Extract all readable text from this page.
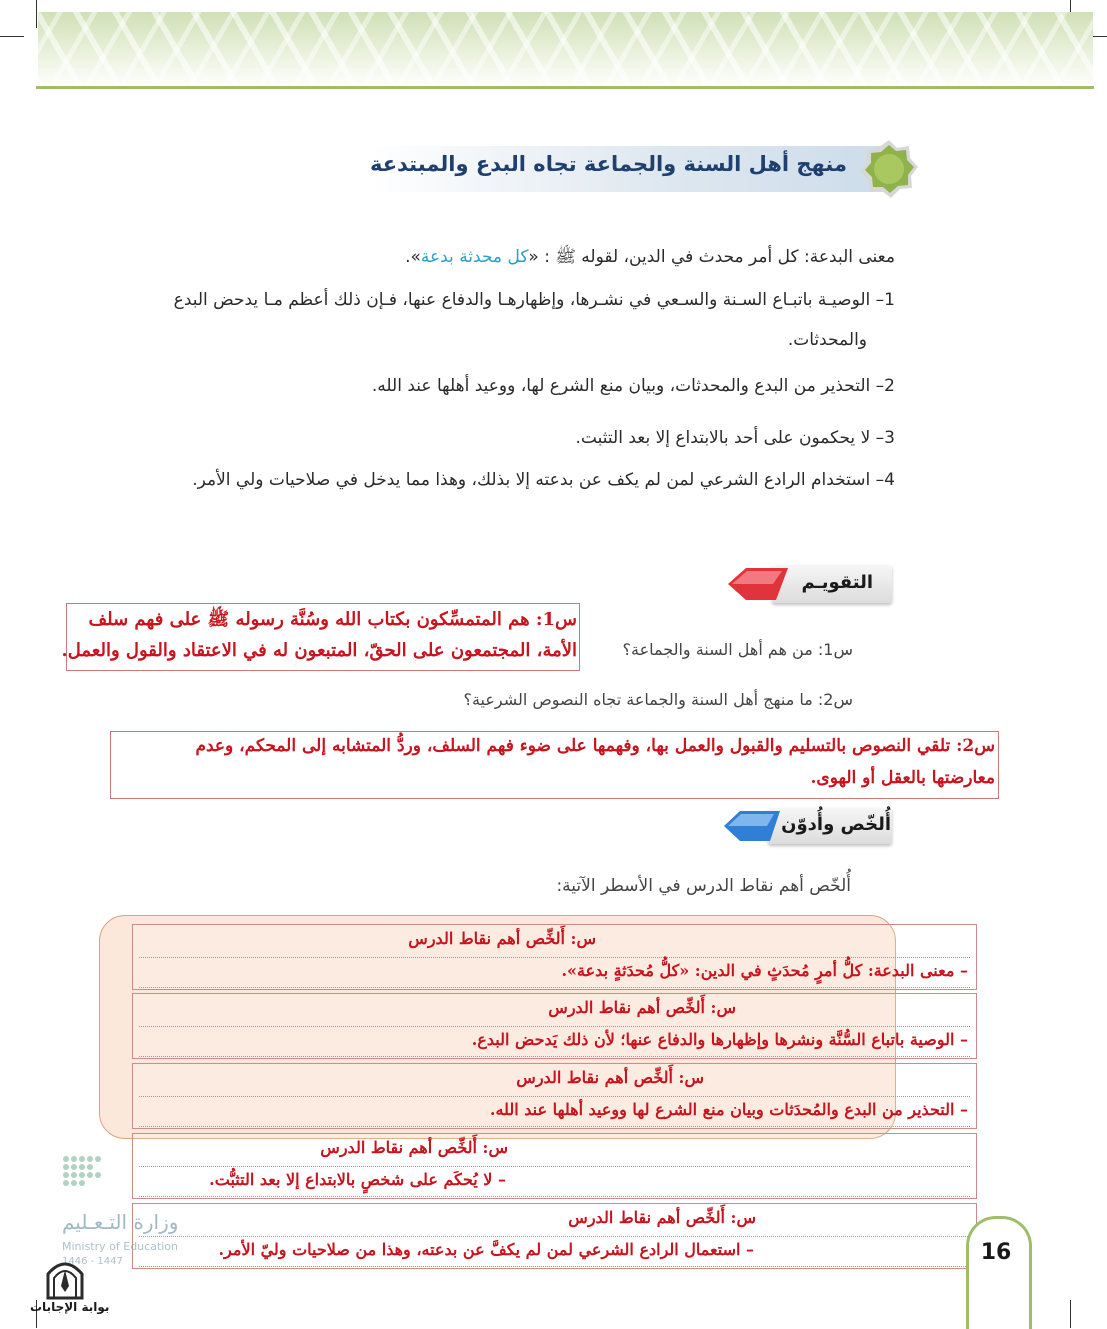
منهج أهل السنة والجماعة تجاه البدع والمبتدعة
معنى البدعة: كل أمر محدث في الدين، لقوله ﷺ : «كل محدثة بدعة».
1– الوصيـة باتبـاع السـنة والسـعي في نشـرها، وإظهارهـا والدفاع عنها، فـإن ذلك أعظم مـا يدحض البدع
والمحدثات.
2– التحذير من البدع والمحدثات، وبيان منع الشرع لها، ووعيد أهلها عند الله.
3– لا يحكمون على أحد بالابتداع إلا بعد التثبت.
4– استخدام الرادع الشرعي لمن لم يكف عن بدعته إلا بذلك، وهذا مما يدخل في صلاحيات ولي الأمر.
التقويـم
س1: هم المتمسِّكون بكتاب الله وسُنَّة رسوله ﷺ على فهم سلف
الأمة، المجتمعون على الحقّ، المتبعون له في الاعتقاد والقول والعمل.	س1: من هم أهل السنة والجماعة؟
س2: ما منهج أهل السنة والجماعة تجاه النصوص الشرعية؟
س2: تلقي النصوص بالتسليم والقبول والعمل بها، وفهمها على ضوء فهم السلف، وردُّ المتشابه إلى المحكم، وعدم
معارضتها بالعقل أو الهوى.
أُلخّص وأُدوّن
أُلخّص أهم نقاط الدرس في الأسطر الآتية:
س: أَلخِّص أهم نقاط الدرس
– معنى البدعة: كلُّ أمرٍ مُحدَثٍ في الدين: «كلُّ مُحدَثةٍ بدعة».
س: أَلخِّص أهم نقاط الدرس
– الوصية باتباع السُّنَّة ونشرها وإظهارها والدفاع عنها؛ لأن ذلك يَدحض البدع.
س: أَلخِّص أهم نقاط الدرس
– التحذير من البدع والمُحدَثات وبيان منع الشرع لها ووعيد أهلها عند الله.
س: أَلخِّص أهم نقاط الدرس
– لا يُحكَم على شخصٍ بالابتداع إلا بعد التثبُّت.
س: أَلخِّص أهم نقاط الدرس
– استعمال الرادع الشرعي لمن لم يكفَّ عن بدعته، وهذا من صلاحيات وليّ الأمر.	16
وزارة التـعـليم
Ministry of Education
1446 - 1447
بوابة الإجابات
